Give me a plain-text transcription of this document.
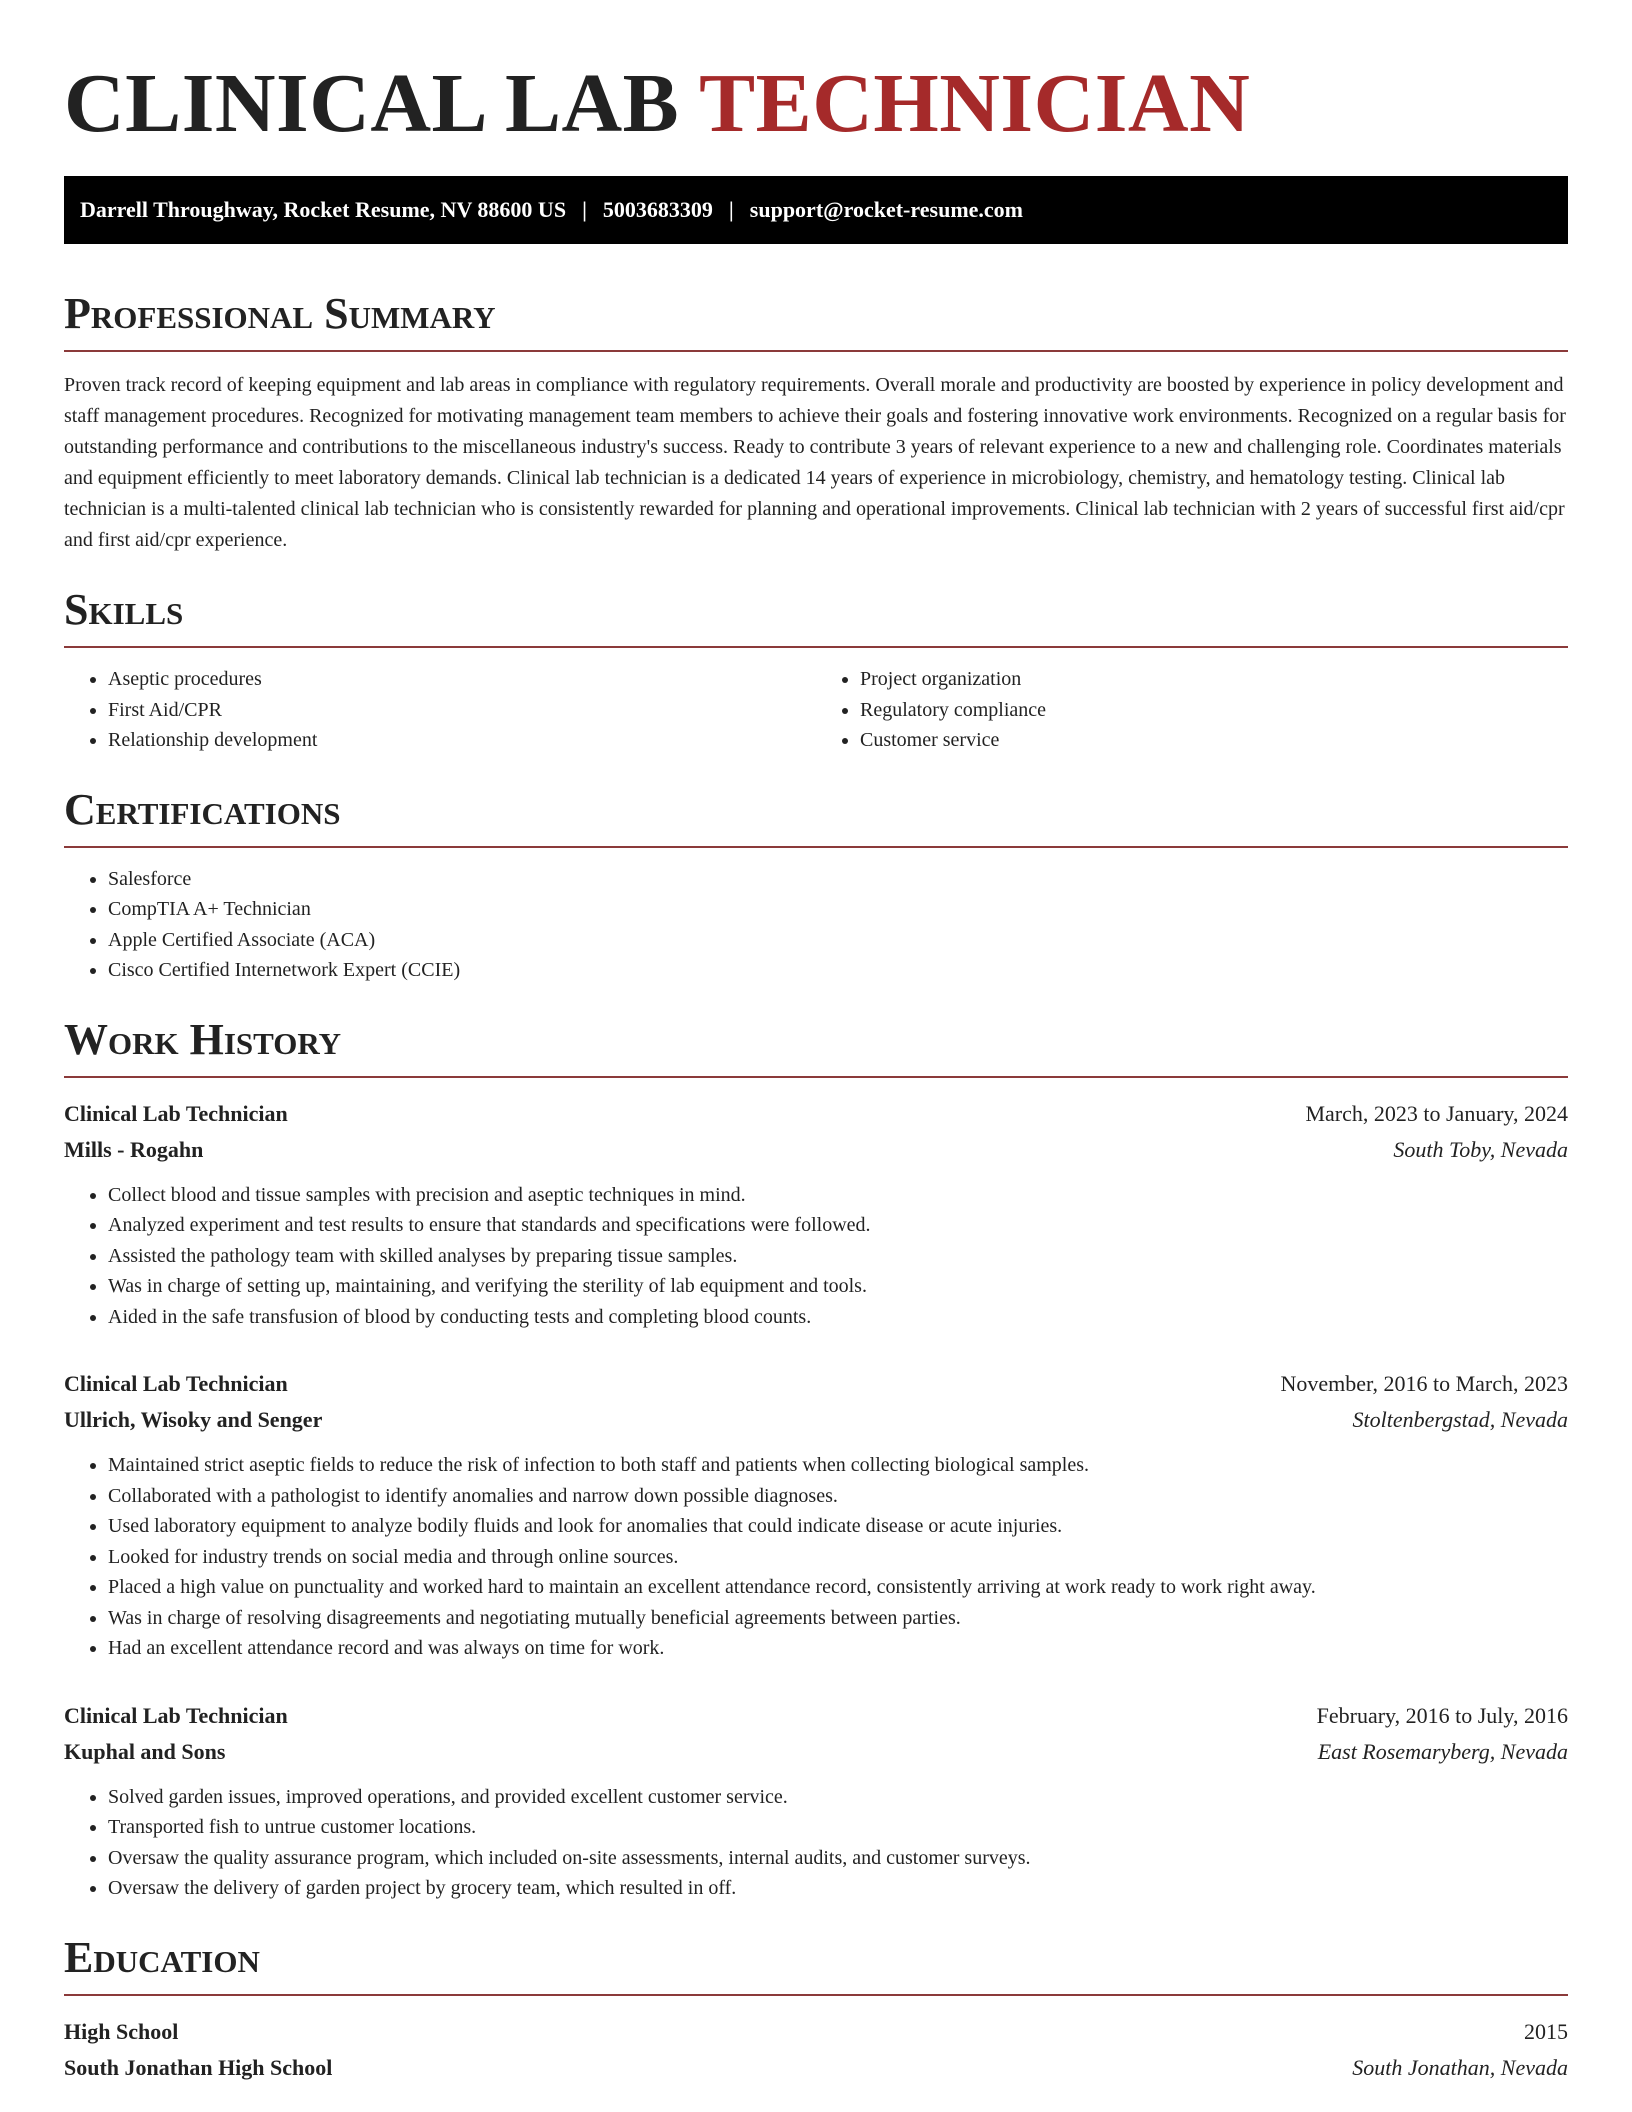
CLINICAL LAB TECHNICIAN
Darrell Throughway, Rocket Resume, NV 88600 US | 5003683309 | support@rocket-resume.com
Professional Summary

Proven track record of keeping equipment and lab areas in compliance with regulatory requirements. Overall morale and productivity are boosted by experience in policy development and staff management procedures. Recognized for motivating management team members to achieve their goals and fostering innovative work environments. Recognized on a regular basis for outstanding performance and contributions to the miscellaneous industry's success. Ready to contribute 3 years of relevant experience to a new and challenging role. Coordinates materials and equipment efficiently to meet laboratory demands. Clinical lab technician is a dedicated 14 years of experience in microbiology, chemistry, and hematology testing. Clinical lab technician is a multi-talented clinical lab technician who is consistently rewarded for planning and operational improvements. Clinical lab technician with 2 years of successful first aid/cpr and first aid/cpr experience.

Skills
• Aseptic procedures
• First Aid/CPR
• Relationship development
• Project organization
• Regulatory compliance
• Customer service
Certifications
• Salesforce
• CompTIA A+ Technician
• Apple Certified Associate (ACA)
• Cisco Certified Internetwork Expert (CCIE)
Work History
Clinical Lab Technician	March, 2023 to January, 2024
Mills - Rogahn	South Toby, Nevada
• Collect blood and tissue samples with precision and aseptic techniques in mind.
• Analyzed experiment and test results to ensure that standards and specifications were followed.
• Assisted the pathology team with skilled analyses by preparing tissue samples.
• Was in charge of setting up, maintaining, and verifying the sterility of lab equipment and tools.
• Aided in the safe transfusion of blood by conducting tests and completing blood counts.
Clinical Lab Technician	November, 2016 to March, 2023
Ullrich, Wisoky and Senger	Stoltenbergstad, Nevada
• Maintained strict aseptic fields to reduce the risk of infection to both staff and patients when collecting biological samples.
• Collaborated with a pathologist to identify anomalies and narrow down possible diagnoses.
• Used laboratory equipment to analyze bodily fluids and look for anomalies that could indicate disease or acute injuries.
• Looked for industry trends on social media and through online sources.
• Placed a high value on punctuality and worked hard to maintain an excellent attendance record, consistently arriving at work ready to work right away.
• Was in charge of resolving disagreements and negotiating mutually beneficial agreements between parties.
• Had an excellent attendance record and was always on time for work.
Clinical Lab Technician	February, 2016 to July, 2016
Kuphal and Sons	East Rosemaryberg, Nevada
• Solved garden issues, improved operations, and provided excellent customer service.
• Transported fish to untrue customer locations.
• Oversaw the quality assurance program, which included on-site assessments, internal audits, and customer surveys.
• Oversaw the delivery of garden project by grocery team, which resulted in off.
Education
High School	2015
South Jonathan High School	South Jonathan, Nevada
